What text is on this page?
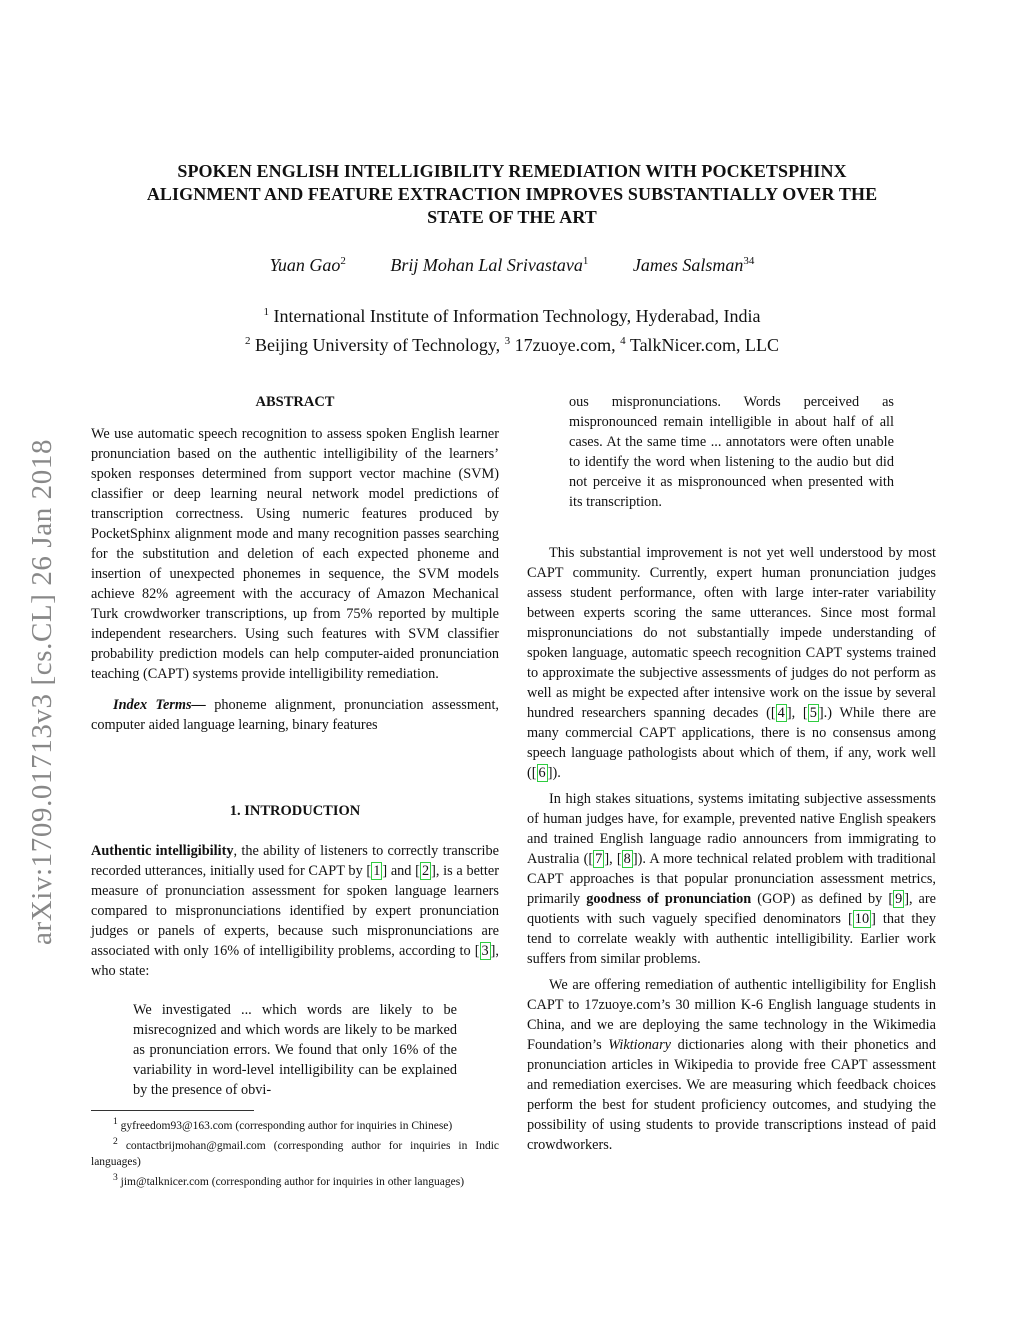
arXiv:1709.01713v3 [cs.CL] 26 Jan 2018
SPOKEN ENGLISH INTELLIGIBILITY REMEDIATION WITH POCKETSPHINX
ALIGNMENT AND FEATURE EXTRACTION IMPROVES SUBSTANTIALLY OVER THE
STATE OF THE ART
Yuan Gao$^2$ Brij Mohan Lal Srivastava$^1$ James Salsman$^{34}$
$^1$ International Institute of Information Technology, Hyderabad, India
$^2$ Beijing University of Technology, $^3$ 17zuoye.com, $^4$ TalkNicer.com, LLC
ABSTRACT

We use automatic speech recognition to assess spoken English learner pronunciation based on the authentic intelligibility of the learners’ spoken responses determined from support vector machine (SVM) classifier or deep learning neural network model predictions of transcription correctness. Using numeric features produced by PocketSphinx alignment mode and many recognition passes searching for the substitution and deletion of each expected phoneme and insertion of unexpected phonemes in sequence, the SVM models achieve 82% agreement with the accuracy of Amazon Mechanical Turk crowdworker transcriptions, up from 75% reported by multiple independent researchers. Using such features with SVM classifier probability prediction models can help computer-aided pronunciation teaching (CAPT) systems provide intelligibility remediation.

Index Terms— phoneme alignment, pronunciation assessment, computer aided language learning, binary features

1. INTRODUCTION

Authentic intelligibility, the ability of listeners to correctly transcribe recorded utterances, initially used for CAPT by [ 1 ] and [ 2 ], is a better measure of pronunciation assessment for spoken language learners compared to mispronunciations identified by expert pronunciation judges or panels of experts, because such mispronunciations are associated with only 16% of intelligibility problems, according to [ 3 ], who state:

We investigated ... which words are likely to be misrecognized and which words are likely to be marked as pronunciation errors. We found that only 16% of the variability in word-level intelligibility can be explained by the presence of obvi-
$^1$ gyfreedom93@163.com (corresponding author for inquiries in Chinese)
$^2$ contactbrijmohan@gmail.com (corresponding author for inquiries in Indic languages)
$^3$ jim@talknicer.com (corresponding author for inquiries in other languages)
ous mispronunciations. Words perceived as mispronounced remain intelligible in about half of all cases. At the same time ... annotators were often unable to identify the word when listening to the audio but did not perceive it as mispronounced when presented with its transcription.

This substantial improvement is not yet well understood by most CAPT community. Currently, expert human pronunciation judges assess student performance, often with large inter-rater variability between experts scoring the same utterances. Since most formal mispronunciations do not substantially impede understanding of spoken language, automatic speech recognition CAPT systems trained to approximate the subjective assessments of judges do not perform as well as might be expected after intensive work on the issue by several hundred researchers spanning decades ([ 4 ], [ 5 ].) While there are many commercial CAPT applications, there is no consensus among speech language pathologists about which of them, if any, work well ([ 6 ]).

In high stakes situations, systems imitating subjective assessments of human judges have, for example, prevented native English speakers and trained English language radio announcers from immigrating to Australia ([ 7 ], [ 8 ]). A more technical related problem with traditional CAPT approaches is that popular pronunciation assessment metrics, primarily goodness of pronunciation (GOP) as defined by [ 9 ], are quotients with such vaguely specified denominators [ 10 ] that they tend to correlate weakly with authentic intelligibility. Earlier work suffers from similar problems.

We are offering remediation of authentic intelligibility for English CAPT to 17zuoye.com’s 30 million K-6 English language students in China, and we are deploying the same technology in the Wikimedia Foundation’s Wiktionary dictionaries along with their phonetics and pronunciation articles in Wikipedia to provide free CAPT assessment and remediation exercises. We are measuring which feedback choices perform the best for student proficiency outcomes, and studying the possibility of using students to provide transcriptions instead of paid crowdworkers.
